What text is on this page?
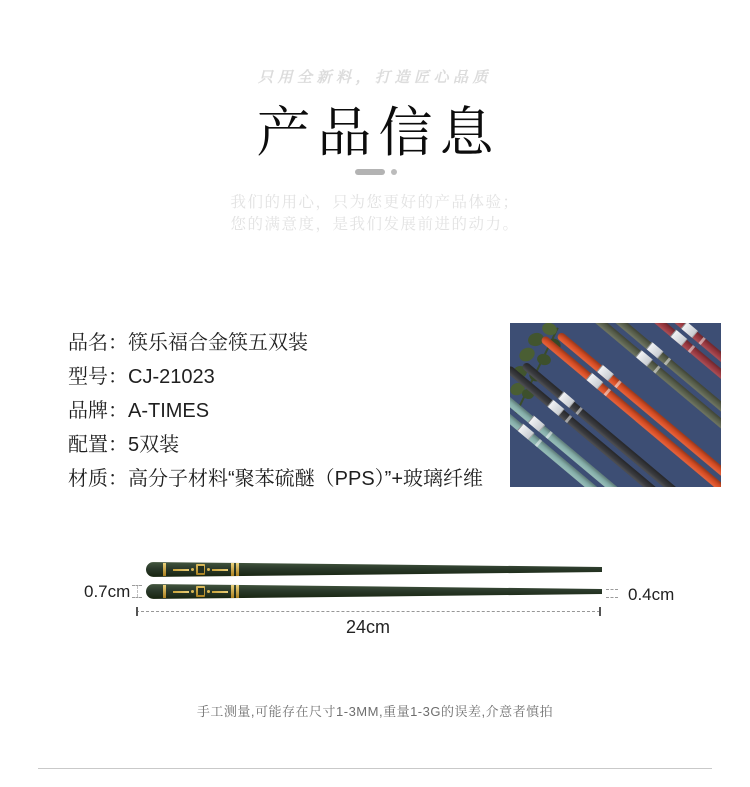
只用全新料，打造匠心品质
产品信息
我们的用心，只为您更好的产品体验；
您的满意度，是我们发展前进的动力。
品名：筷乐福合金筷五双装
型号：CJ-21023
品牌：A-TIMES
配置：5双装
材质：高分子材料“聚苯硫醚（PPS）”+玻璃纤维
0.7cm	0.4cm
24cm
手工测量,可能存在尺寸1-3MM,重量1-3G的误差,介意者慎拍
